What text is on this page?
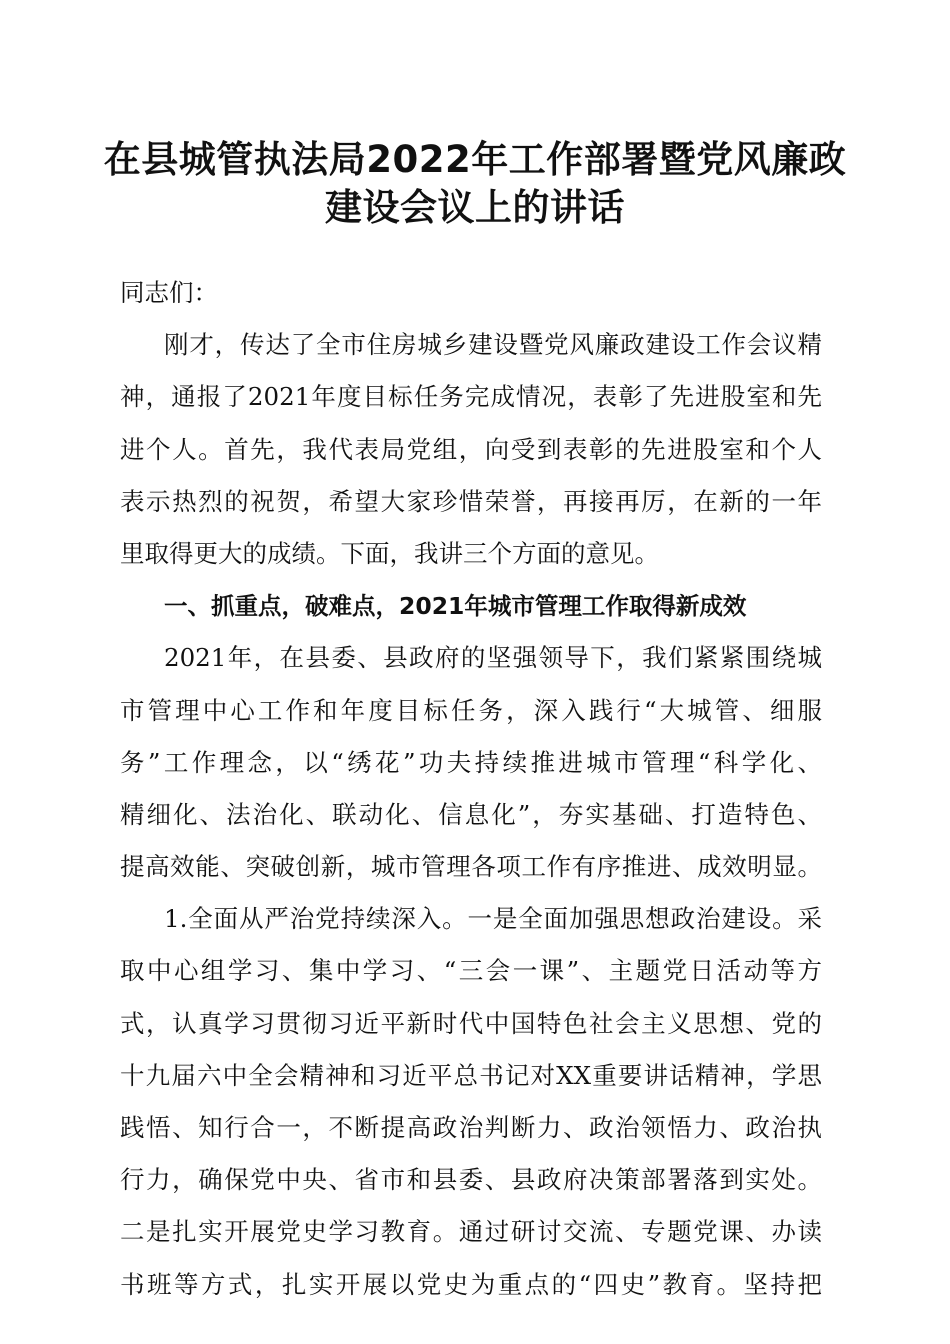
在县城管执法局2022年工作部署暨党风廉政
建设会议上的讲话
同志们：
刚才，传达了全市住房城乡建设暨党风廉政建设工作会议精
神，通报了2021年度目标任务完成情况，表彰了先进股室和先
进个人。首先，我代表局党组，向受到表彰的先进股室和个人
表示热烈的祝贺，希望大家珍惜荣誉，再接再厉，在新的一年
里取得更大的成绩。下面，我讲三个方面的意见。
一、抓重点，破难点，2021年城市管理工作取得新成效
2021年，在县委、县政府的坚强领导下，我们紧紧围绕城
市管理中心工作和年度目标任务，深入践行“大城管、细服
务”工作理念，以“绣花”功夫持续推进城市管理“科学化、
精细化、法治化、联动化、信息化”，夯实基础、打造特色、
提高效能、突破创新，城市管理各项工作有序推进、成效明显。
1.全面从严治党持续深入。一是全面加强思想政治建设。采
取中心组学习、集中学习、“三会一课”、主题党日活动等方
式，认真学习贯彻习近平新时代中国特色社会主义思想、党的
十九届六中全会精神和习近平总书记对XX重要讲话精神，学思
践悟、知行合一，不断提高政治判断力、政治领悟力、政治执
行力，确保党中央、省市和县委、县政府决策部署落到实处。
二是扎实开展党史学习教育。通过研讨交流、专题党课、办读
书班等方式，扎实开展以党史为重点的“四史”教育。坚持把
